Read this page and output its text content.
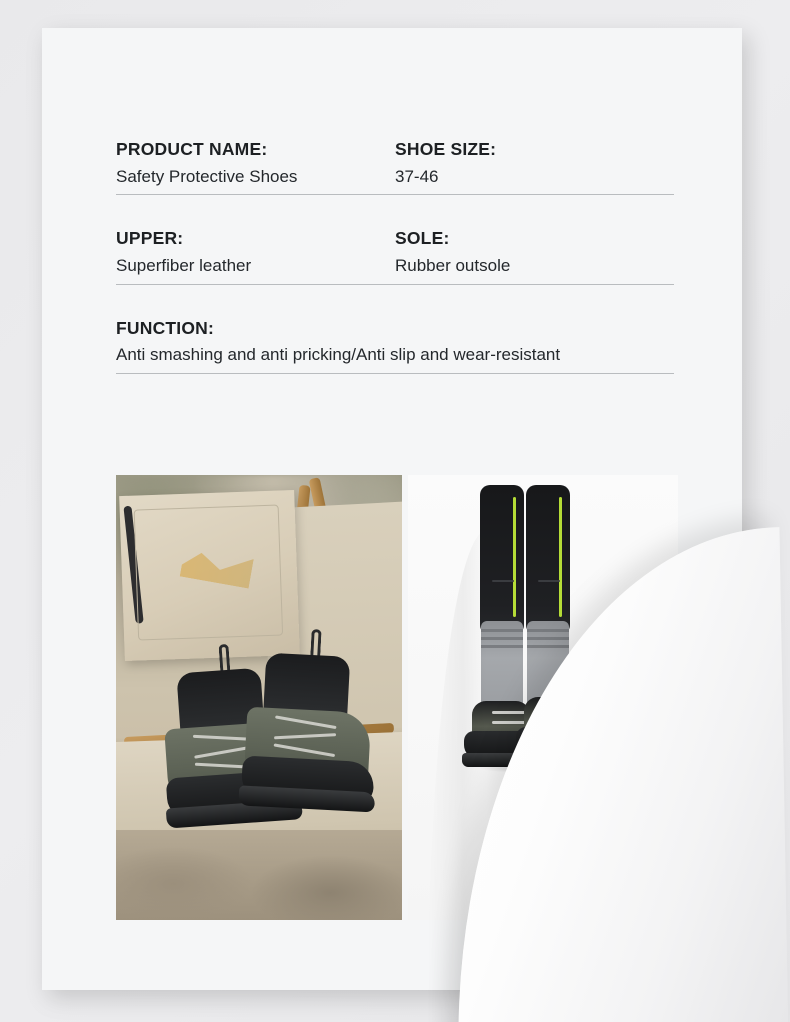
PRODUCT NAME:
Safety Protective Shoes
SHOE SIZE:
37-46
UPPER:
Superfiber leather
SOLE:
Rubber outsole
FUNCTION:
Anti smashing and anti pricking/Anti slip and wear-resistant
